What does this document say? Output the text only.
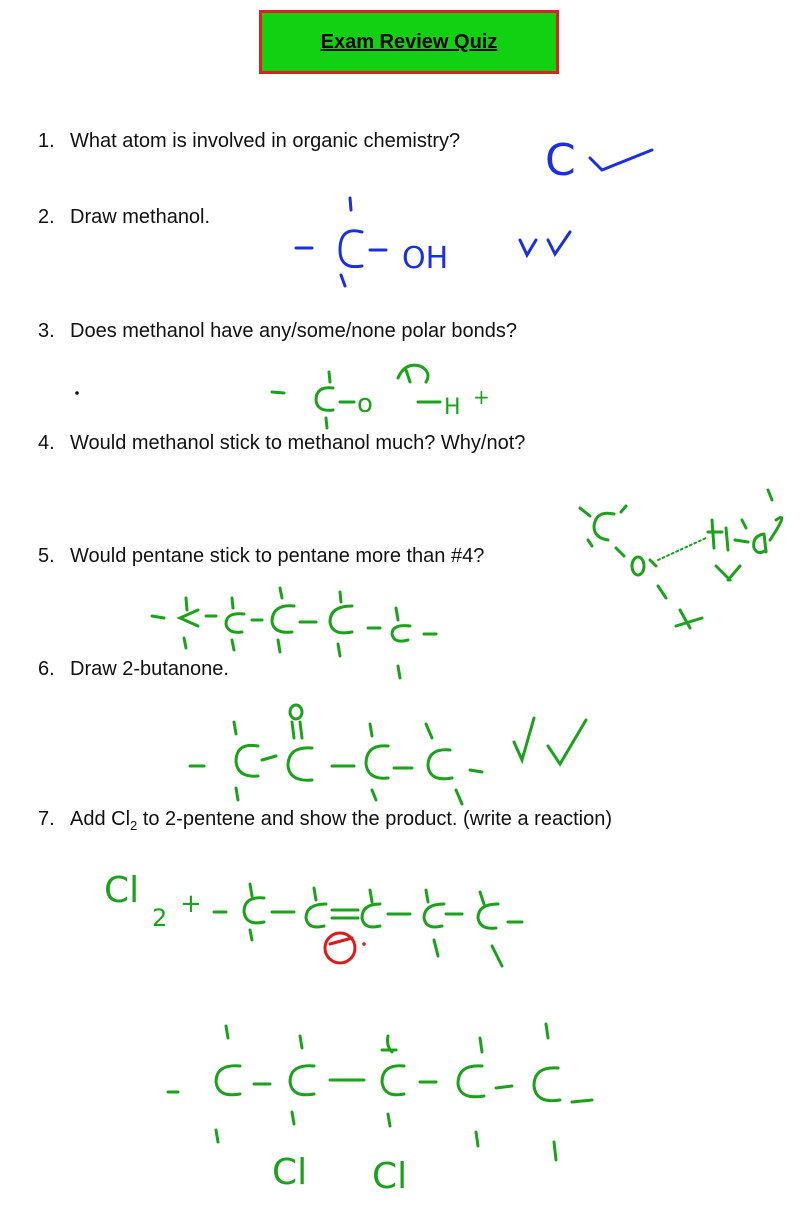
Exam Review Quiz
1. What atom is involved in organic chemistry?
2. Draw methanol.
3. Does methanol have any/some/none polar bonds?
4. Would methanol stick to methanol much? Why/not?
5. Would pentane stick to pentane more than #4?
6. Draw 2-butanone.
7. Add $Cl_2$ to 2-pentene and show the product. (write a reaction)
C
OH
o	H +
Cl
2 +
Cl Cl
